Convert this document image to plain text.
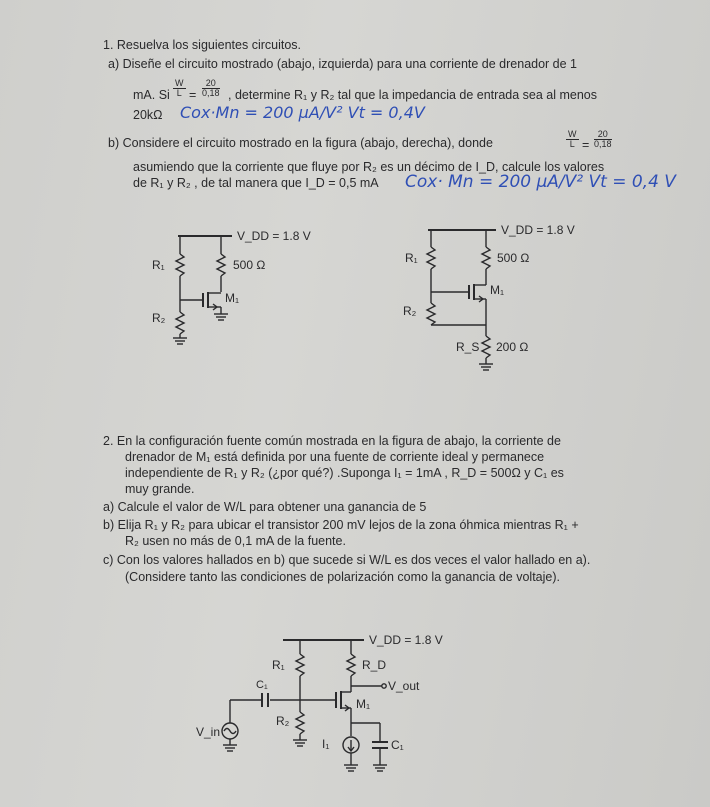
1. Resuelva los siguientes circuitos.
a) Diseñe el circuito mostrado (abajo, izquierda) para una corriente de drenador de 1
mA. Si $\frac{W}{L} = \frac{20}{0,18}$ , determine R₁ y R₂ tal que la impedancia de entrada sea al menos
20kΩ Cox·Mn = 200 μA/V² Vt = 0,4V
b) Considere el circuito mostrado en la figura (abajo, derecha), donde	$\frac{W}{L} = \frac{20}{0,18}$
asumiendo que la corriente que fluye por R₂ es un décimo de I_D, calcule los valores
de R₁ y R₂ , de tal manera que I_D = 0,5 mA Cox· Mn = 200 μA/V² Vt = 0,4 V
2. En la configuración fuente común mostrada en la figura de abajo, la corriente de
drenador de M₁ está definida por una fuente de corriente ideal y permanece
independiente de R₁ y R₂ (¿por qué?) .Suponga I₁ = 1mA , R_D = 500Ω y C₁ es
muy grande.
a) Calcule el valor de W/L para obtener una ganancia de 5
b) Elija R₁ y R₂ para ubicar el transistor 200 mV lejos de la zona óhmica mientras R₁ +
R₂ usen no más de 0,1 mA de la fuente.
c) Con los valores hallados en b) que sucede si W/L es dos veces el valor hallado en a).
(Considere tanto las condiciones de polarización como la ganancia de voltaje).
V_DD = 1.8 V
R₁
R₂
500 Ω
M₁
V_DD = 1.8 V
R₁
R₂
500 Ω
M₁
R_S 200 Ω
V_DD = 1.8 V
R₁	R_D
V_out
C₁
M₁
R₂
V_in
I₁	C₁
